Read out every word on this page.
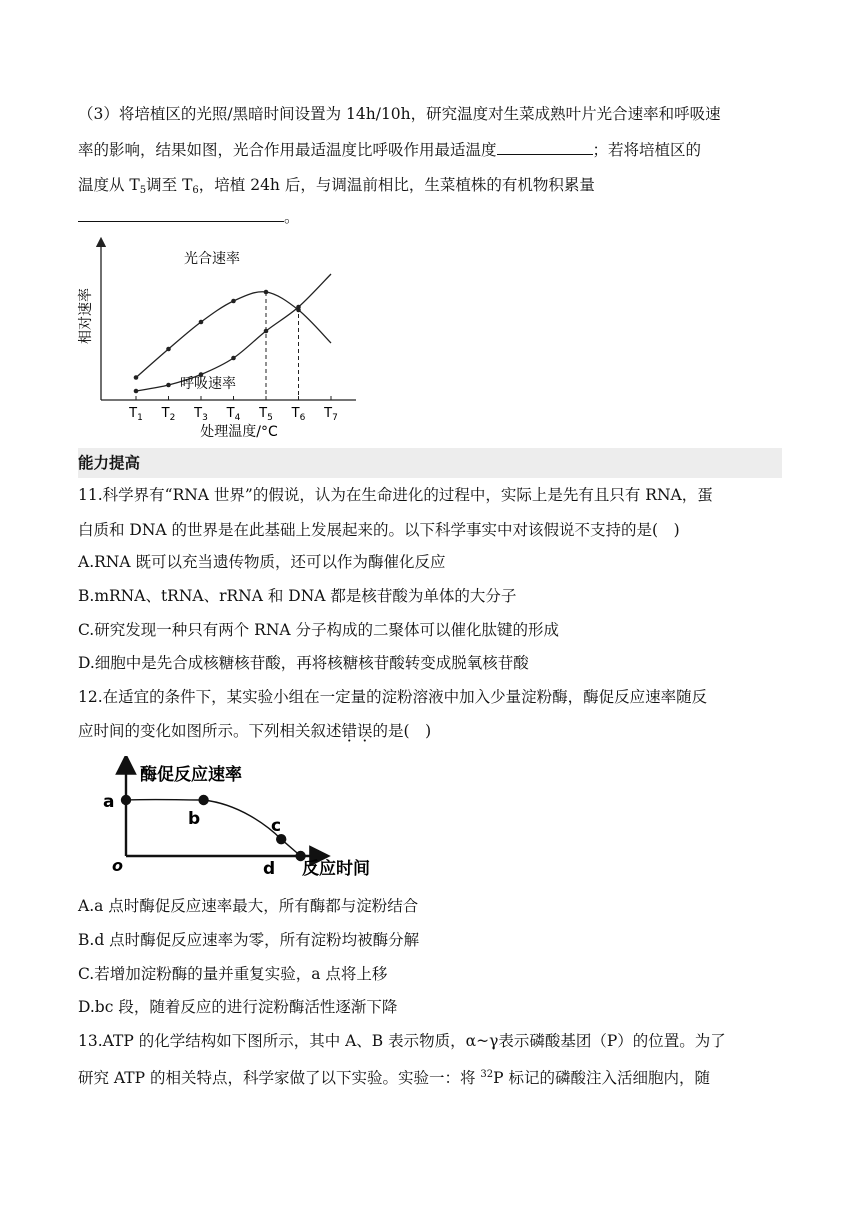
（3）将培植区的光照/黑暗时间设置为 14h/10h，研究温度对生菜成熟叶片光合速率和呼吸速
率的影响，结果如图，光合作用最适温度比呼吸作用最适温度	；若将培植区的
温度从 $T_5$调至 $T_6$，培植 24h 后，与调温前相比，生菜植株的有机物积累量
。
相对速率
处理温度/°C
$T_1$ $T_2$ $T_3$ $T_4$ $T_5$ $T_6$ $T_7$
光合速率
呼吸速率
能力提高
11.科学界有“RNA 世界”的假说，认为在生命进化的过程中，实际上是先有且只有 RNA，蛋
白质和 DNA 的世界是在此基础上发展起来的。以下科学事实中对该假说不支持的是(　)
A.RNA 既可以充当遗传物质，还可以作为酶催化反应
B.mRNA、tRNA、rRNA 和 DNA 都是核苷酸为单体的大分子
C.研究发现一种只有两个 RNA 分子构成的二聚体可以催化肽键的形成
D.细胞中是先合成核糖核苷酸，再将核糖核苷酸转变成脱氧核苷酸
12.在适宜的条件下，某实验小组在一定量的淀粉溶液中加入少量淀粉酶，酶促反应速率随反
应时间的变化如图所示。下列相关叙述错误的是(　)
酶促反应速率
反应时间
o
a
b	c
d
A.a 点时酶促反应速率最大，所有酶都与淀粉结合
B.d 点时酶促反应速率为零，所有淀粉均被酶分解
C.若增加淀粉酶的量并重复实验，a 点将上移
D.bc 段，随着反应的进行淀粉酶活性逐渐下降
13.ATP 的化学结构如下图所示，其中 A、B 表示物质，α~γ表示磷酸基团（P）的位置。为了
研究 ATP 的相关特点，科学家做了以下实验。实验一：将 $^{32}$P 标记的磷酸注入活细胞内，随
